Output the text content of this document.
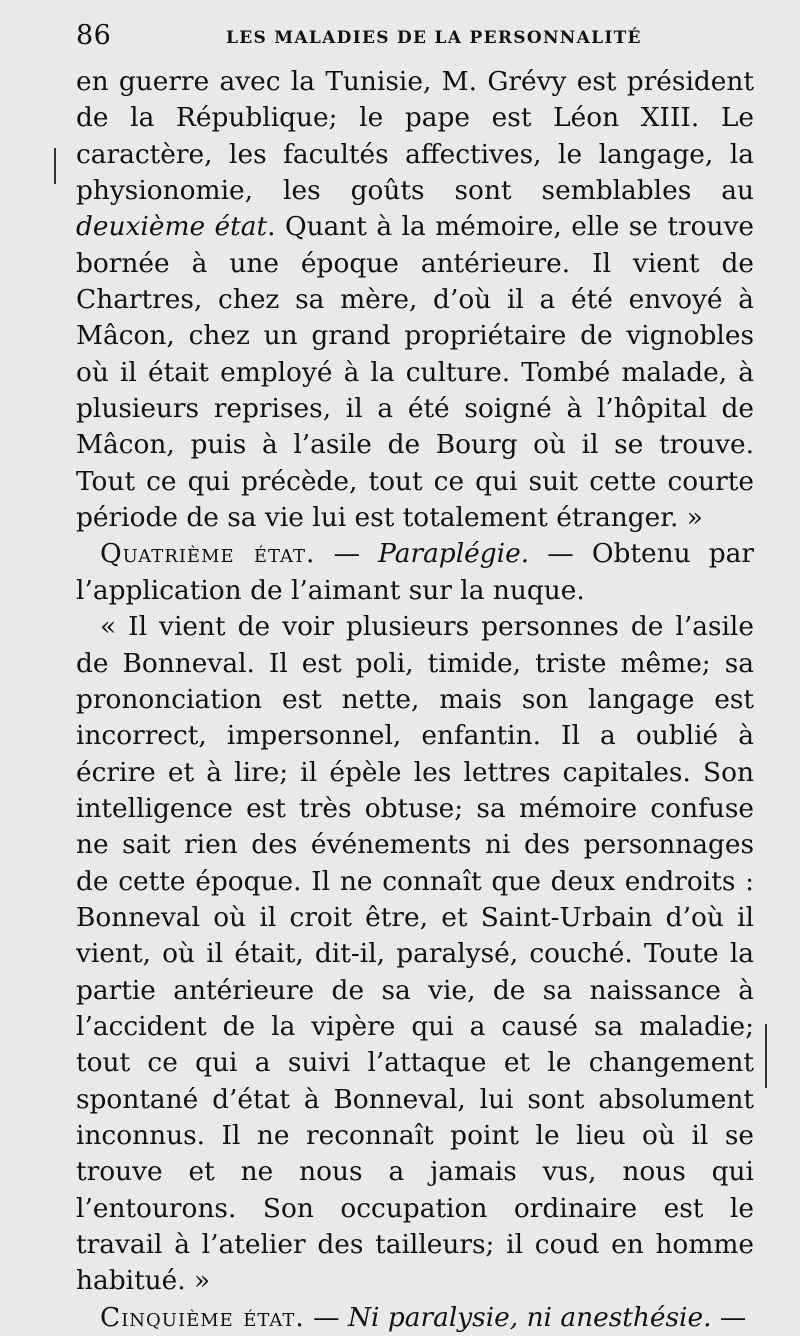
86	LES MALADIES DE LA PERSONNALITÉ

en guerre avec la Tunisie, M. Grévy est président de la République; le pape est Léon XIII. Le caractère, les facultés affectives, le langage, la physionomie, les goûts sont semblables au deuxième état. Quant à la mémoire, elle se trouve bornée à une époque antérieure. Il vient de Chartres, chez sa mère, d’où il a été envoyé à Mâcon, chez un grand propriétaire de vignobles où il était employé à la culture. Tombé malade, à plusieurs reprises, il a été soigné à l’hôpital de Mâcon, puis à l’asile de Bourg où il se trouve. Tout ce qui précède, tout ce qui suit cette courte période de sa vie lui est totalement étranger. »

Quatrième état. — Paraplégie. — Obtenu par l’application de l’aimant sur la nuque.

« Il vient de voir plusieurs personnes de l’asile de Bonneval. Il est poli, timide, triste même; sa prononciation est nette, mais son langage est incorrect, impersonnel, enfantin. Il a oublié à écrire et à lire; il épèle les lettres capitales. Son intelligence est très obtuse; sa mémoire confuse ne sait rien des événements ni des personnages de cette époque. Il ne connaît que deux endroits : Bonneval où il croit être, et Saint-Urbain d’où il vient, où il était, dit-il, paralysé, couché. Toute la partie antérieure de sa vie, de sa naissance à l’accident de la vipère qui a causé sa maladie; tout ce qui a suivi l’attaque et le changement spontané d’état à Bonneval, lui sont absolument inconnus. Il ne reconnaît point le lieu où il se trouve et ne nous a jamais vus, nous qui l’entourons. Son occupation ordinaire est le travail à l’atelier des tailleurs; il coud en homme habitué. »

Cinquième état. — Ni paralysie, ni anesthésie. —
